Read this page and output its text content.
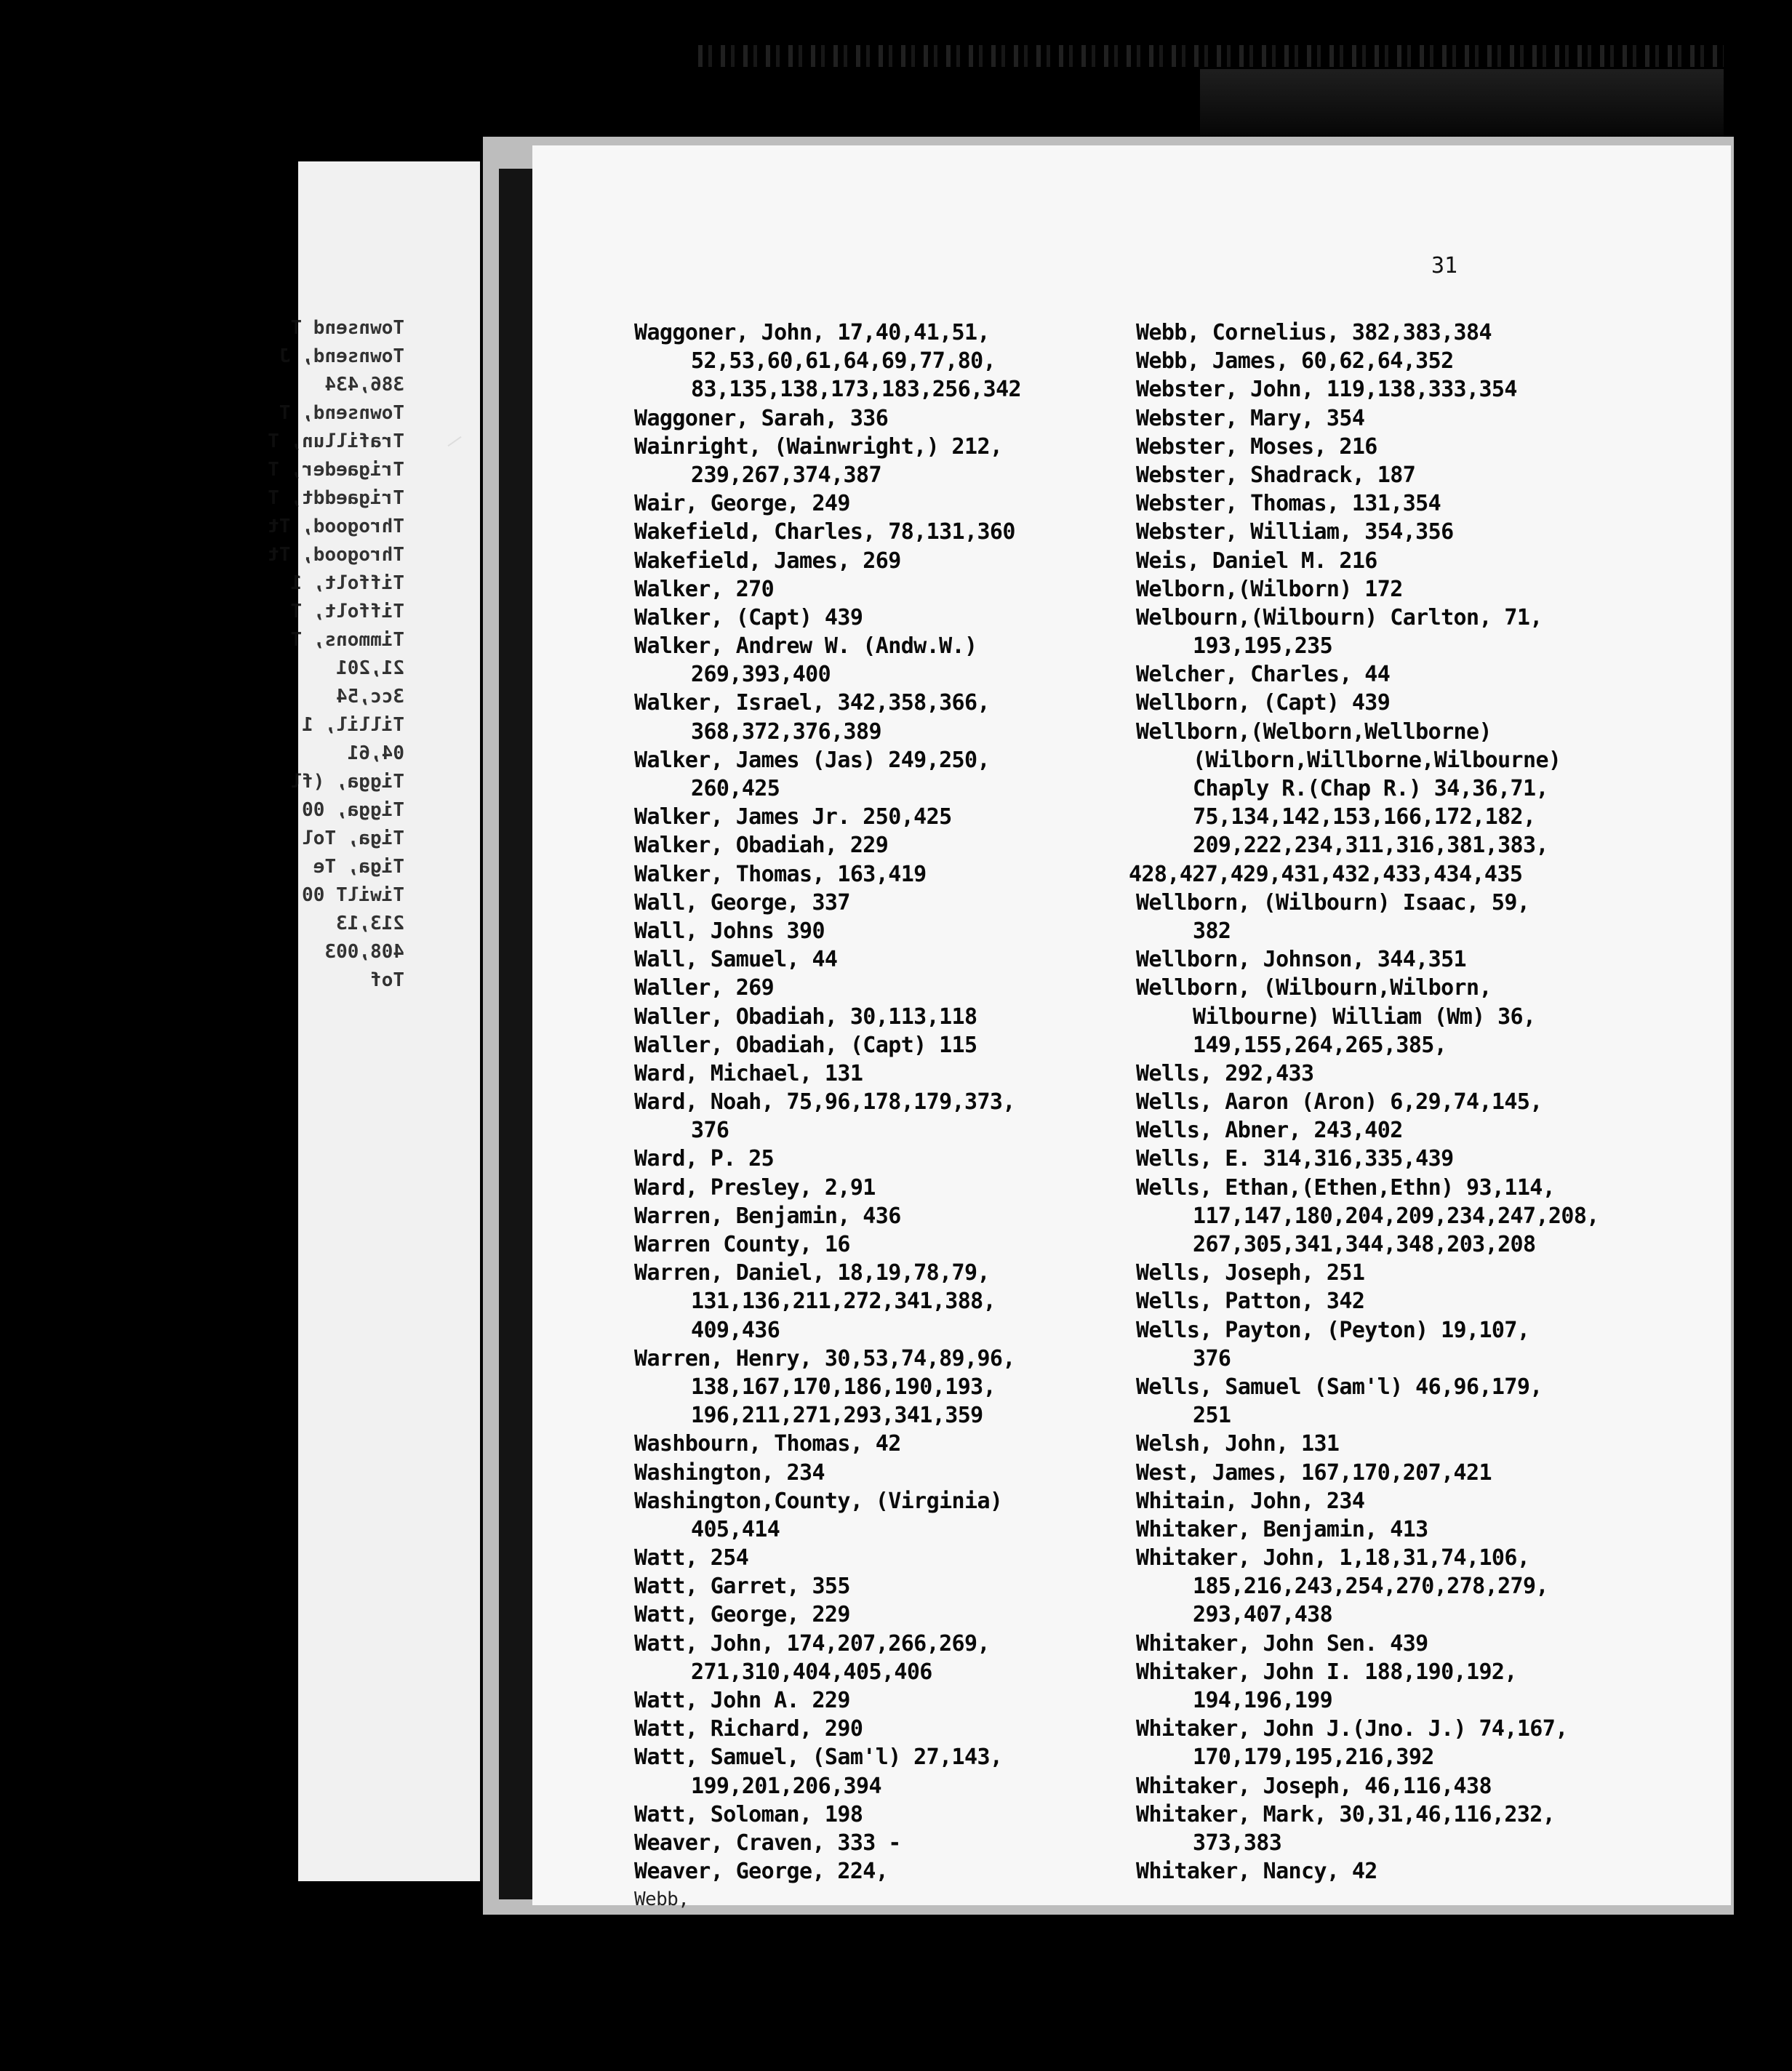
Townsend T
Townsend, J
386,434
Townsend, T
Trafillun, T
Trigaeder, T
Trigaeddt, T
Throgood, Tt
Throgood, Tt
Tiffolt, 1
Tiffolt, T
Timmons, T
21,201
3cc,54
Tillil, 1
04,61
Tigga, (fl
Tigga, 00
Tiga, Tol
Tiga, Te
TiwilT 00
213,13
408,003
Tof
31
Waggoner, John, 17,40,41,51,
52,53,60,61,64,69,77,80,
83,135,138,173,183,256,342
Waggoner, Sarah, 336
Wainright, (Wainwright,) 212,
239,267,374,387
Wair, George, 249
Wakefield, Charles, 78,131,360
Wakefield, James, 269
Walker, 270
Walker, (Capt) 439
Walker, Andrew W. (Andw.W.)
269,393,400
Walker, Israel, 342,358,366,
368,372,376,389
Walker, James (Jas) 249,250,
260,425
Walker, James Jr. 250,425
Walker, Obadiah, 229
Walker, Thomas, 163,419
Wall, George, 337
Wall, Johns 390
Wall, Samuel, 44
Waller, 269
Waller, Obadiah, 30,113,118
Waller, Obadiah, (Capt) 115
Ward, Michael, 131
Ward, Noah, 75,96,178,179,373,
376
Ward, P. 25
Ward, Presley, 2,91
Warren, Benjamin, 436
Warren County, 16
Warren, Daniel, 18,19,78,79,
131,136,211,272,341,388,
409,436
Warren, Henry, 30,53,74,89,96,
138,167,170,186,190,193,
196,211,271,293,341,359
Washbourn, Thomas, 42
Washington, 234
Washington,County, (Virginia)
405,414
Watt, 254
Watt, Garret, 355
Watt, George, 229
Watt, John, 174,207,266,269,
271,310,404,405,406
Watt, John A. 229
Watt, Richard, 290
Watt, Samuel, (Sam'l) 27,143,
199,201,206,394
Watt, Soloman, 198
Weaver, Craven, 333 -
Weaver, George, 224,
Webb,
Webb, Cornelius, 382,383,384
Webb, James, 60,62,64,352
Webster, John, 119,138,333,354
Webster, Mary, 354
Webster, Moses, 216
Webster, Shadrack, 187
Webster, Thomas, 131,354
Webster, William, 354,356
Weis, Daniel M. 216
Welborn,(Wilborn) 172
Welbourn,(Wilbourn) Carlton, 71,
193,195,235
Welcher, Charles, 44
Wellborn, (Capt) 439
Wellborn,(Welborn,Wellborne)
(Wilborn,Willborne,Wilbourne)
Chaply R.(Chap R.) 34,36,71,
75,134,142,153,166,172,182,
209,222,234,311,316,381,383,
428,427,429,431,432,433,434,435
Wellborn, (Wilbourn) Isaac, 59,
382
Wellborn, Johnson, 344,351
Wellborn, (Wilbourn,Wilborn,
Wilbourne) William (Wm) 36,
149,155,264,265,385,
Wells, 292,433
Wells, Aaron (Aron) 6,29,74,145,
Wells, Abner, 243,402
Wells, E. 314,316,335,439
Wells, Ethan,(Ethen,Ethn) 93,114,
117,147,180,204,209,234,247,208,
267,305,341,344,348,203,208
Wells, Joseph, 251
Wells, Patton, 342
Wells, Payton, (Peyton) 19,107,
376
Wells, Samuel (Sam'l) 46,96,179,
251
Welsh, John, 131
West, James, 167,170,207,421
Whitain, John, 234
Whitaker, Benjamin, 413
Whitaker, John, 1,18,31,74,106,
185,216,243,254,270,278,279,
293,407,438
Whitaker, John Sen. 439
Whitaker, John I. 188,190,192,
194,196,199
Whitaker, John J.(Jno. J.) 74,167,
170,179,195,216,392
Whitaker, Joseph, 46,116,438
Whitaker, Mark, 30,31,46,116,232,
373,383
Whitaker, Nancy, 42
